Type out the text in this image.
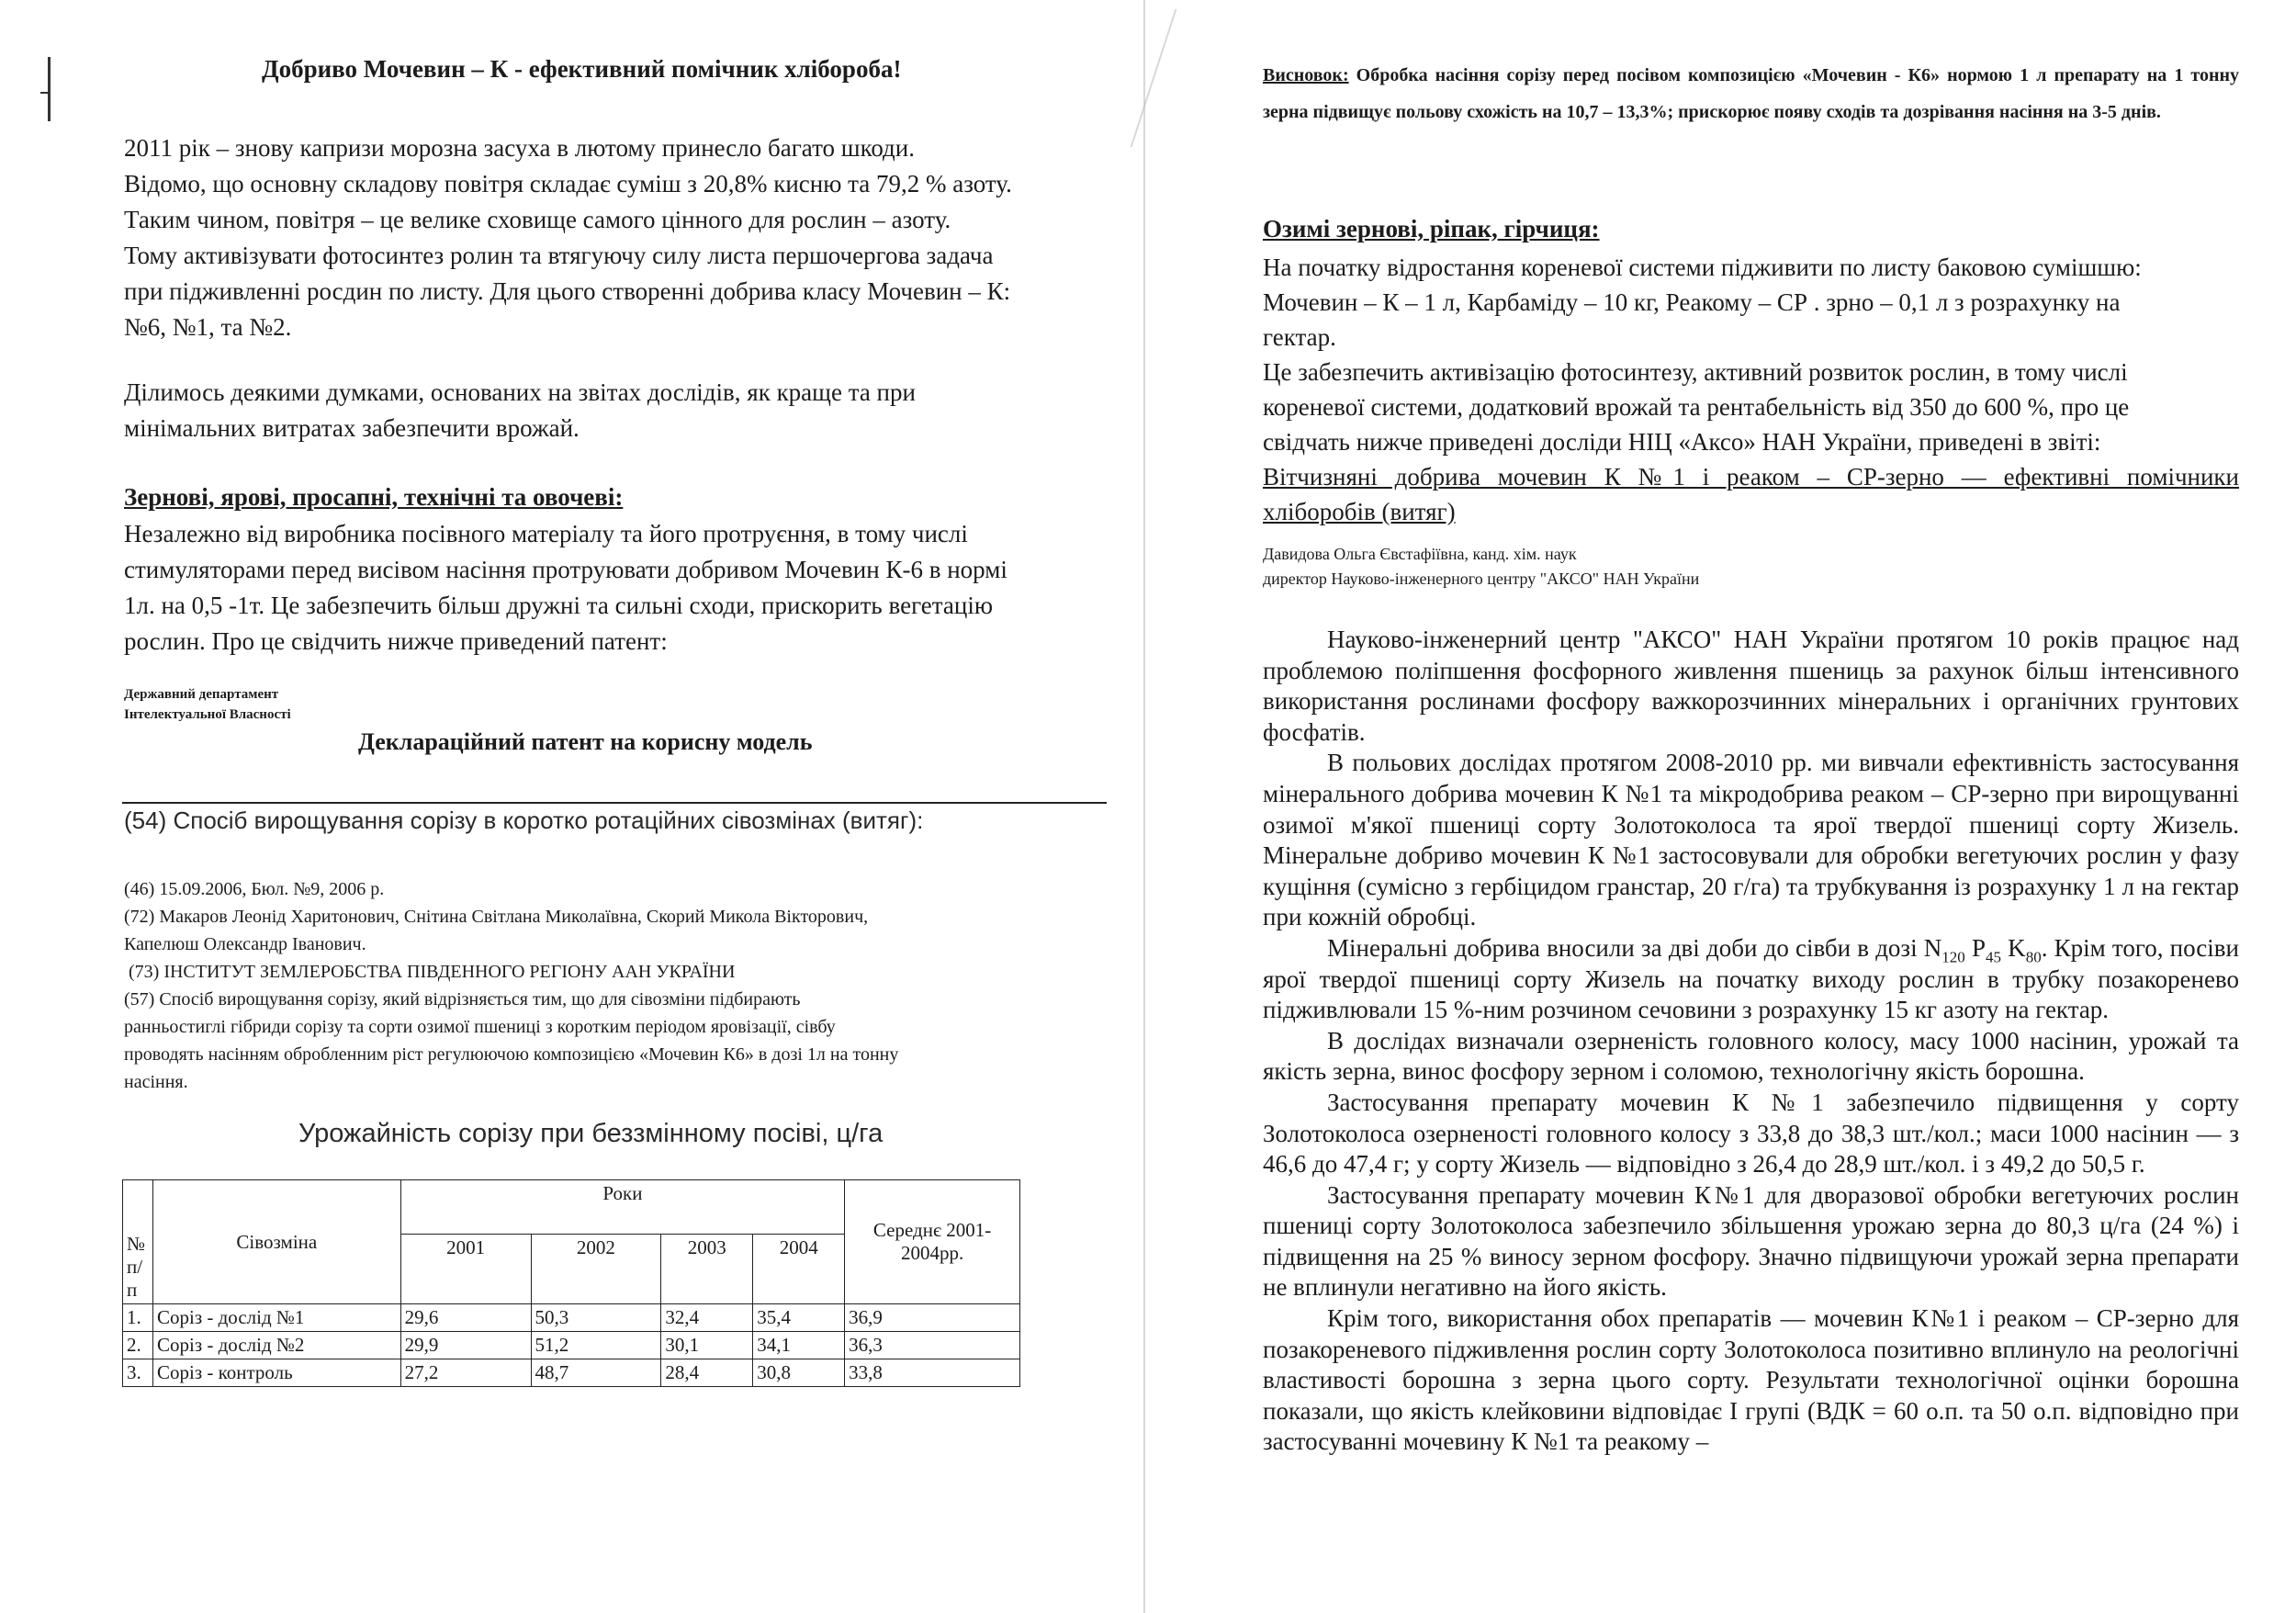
Добриво Мочевин – К - ефективний помічник хлібороба!
2011 рік – знову капризи морозна засуха в лютому принесло багато шкоди.
Відомо, що основну складову повітря складає суміш з 20,8% кисню та 79,2 % азоту.
Таким чином, повітря – це велике сховище самого цінного для рослин – азоту.
Тому активізувати фотосинтез ролин та втягуючу силу листа першочергова задача
при підживленні росдин по листу. Для цього створенні добрива класу Мочевин – К:
№6, №1, та №2.
Ділимось деякими думками, основаних на звітах дослідів, як краще та при
мінімальних витратах забезпечити врожай.
Зернові, ярові, просапні, технічні та овочеві:
Незалежно від виробника посівного матеріалу та його протруєння, в тому числі
стимуляторами перед висівом насіння протруювати добривом Мочевин К-6 в нормі
1л. на 0,5 -1т. Це забезпечить більш дружні та сильні сходи, прискорить вегетацію
рослин. Про це свідчить нижче приведений патент:
Державний департамент
Інтелектуальної Власності
Деклараційний патент на корисну модель
(54) Спосіб вирощування сорізу в коротко ротаційних сівозмінах (витяг):
(46) 15.09.2006, Бюл. №9, 2006 р.
(72) Макаров Леонід Харитонович, Снітина Світлана Миколаївна, Скорий Микола Вікторович,
Капелюш Олександр Іванович.
(73) ІНСТИТУТ ЗЕМЛЕРОБСТВА ПІВДЕННОГО РЕГІОНУ ААН УКРАЇНИ
(57) Спосіб вирощування сорізу, який відрізняється тим, що для сівозміни підбирають
ранньостиглі гібриди сорізу та сорти озимої пшениці з коротким періодом яровізації, сівбу
проводять насінням обробленним ріст регулюючою композицією «Мочевин К6» в дозі 1л на тонну
насіння.
Урожайність сорізу при беззмінному посіві, ц/га
№ п/ п	Сівозміна	Роки				Середнє 2001-2004рр.
		2001	2002	2003	2004	
1.	Соріз - дослід №1	29,6	50,3	32,4	35,4	36,9
2.	Соріз - дослід №2	29,9	51,2	30,1	34,1	36,3
3.	Соріз - контроль	27,2	48,7	28,4	30,8	33,8
Висновок: Обробка насіння сорізу перед посівом композицією «Мочевин - К6» нормою 1 л препарату на 1 тонну зерна підвищує польову схожість на 10,7 – 13,3%; прискорює появу сходів та дозрівання насіння на 3-5 днів.
Озимі зернові, ріпак, гірчиця:
На початку відростання кореневої системи підживити по листу баковою сумішшю:
Мочевин – К – 1 л, Карбаміду – 10 кг, Реакому – СР . зрно – 0,1 л з розрахунку на
гектар.
Це забезпечить активізацію фотосинтезу, активний розвиток рослин, в тому числі
кореневої системи, додатковий врожай та рентабельність від 350 до 600 %, про це
свідчать нижче приведені досліди НІЦ «Аксо» НАН України, приведені в звіті:
Вітчизняні добрива мочевин К №1 і реаком – СР-зерно — ефективні помічники
хліборобів (витяг)
Давидова Ольга Євстафіївна, канд. хім. наук
директор Науково-інженерного центру "АКСО" НАН України

Науково-інженерний центр "АКСО" НАН України протягом 10 років працює над проблемою поліпшення фосфорного живлення пшениць за рахунок більш інтенсивного використання рослинами фосфору важкорозчинних мінеральних і органічних грунтових фосфатів.

В польових дослідах протягом 2008-2010 рр. ми вивчали ефективність застосування мінерального добрива мочевин К №1 та мікродобрива реаком – СР-зерно при вирощуванні озимої м'якої пшениці сорту Золотоколоса та ярої твердої пшениці сорту Жизель. Мінеральне добриво мочевин К №1 застосовували для обробки вегетуючих рослин у фазу кущіння (сумісно з гербіцидом гранстар, 20 г/га) та трубкування із розрахунку 1 л на гектар при кожній обробці.

Мінеральні добрива вносили за дві доби до сівби в дозі $N_{120}$ $P_{45}$ $K_{80}$. Крім того, посіви ярої твердої пшениці сорту Жизель на початку виходу рослин в трубку позакоренево підживлювали 15 %-ним розчином сечовини з розрахунку 15 кг азоту на гектар.

В дослідах визначали озерненість головного колосу, масу 1000 насінин, урожай та якість зерна, винос фосфору зерном і соломою, технологічну якість борошна.

Застосування препарату мочевин К №1 забезпечило підвищення у сорту Золотоколоса озерненості головного колосу з 33,8 до 38,3 шт./кол.; маси 1000 насінин — з 46,6 до 47,4 г; у сорту Жизель — відповідно з 26,4 до 28,9 шт./кол. і з 49,2 до 50,5 г.

Застосування препарату мочевин К№1 для дворазової обробки вегетуючих рослин пшениці сорту Золотоколоса забезпечило збільшення урожаю зерна до 80,3 ц/га (24 %) і підвищення на 25 % виносу зерном фосфору. Значно підвищуючи урожай зерна препарати не вплинули негативно на його якість.

Крім того, використання обох препаратів — мочевин К№1 і реаком – СР-зерно для позакореневого підживлення рослин сорту Золотоколоса позитивно вплинуло на реологічні властивості борошна з зерна цього сорту. Результати технологічної оцінки борошна показали, що якість клейковини відповідає І групі (ВДК = 60 о.п. та 50 о.п. відповідно при застосуванні мочевину К №1 та реакому –
